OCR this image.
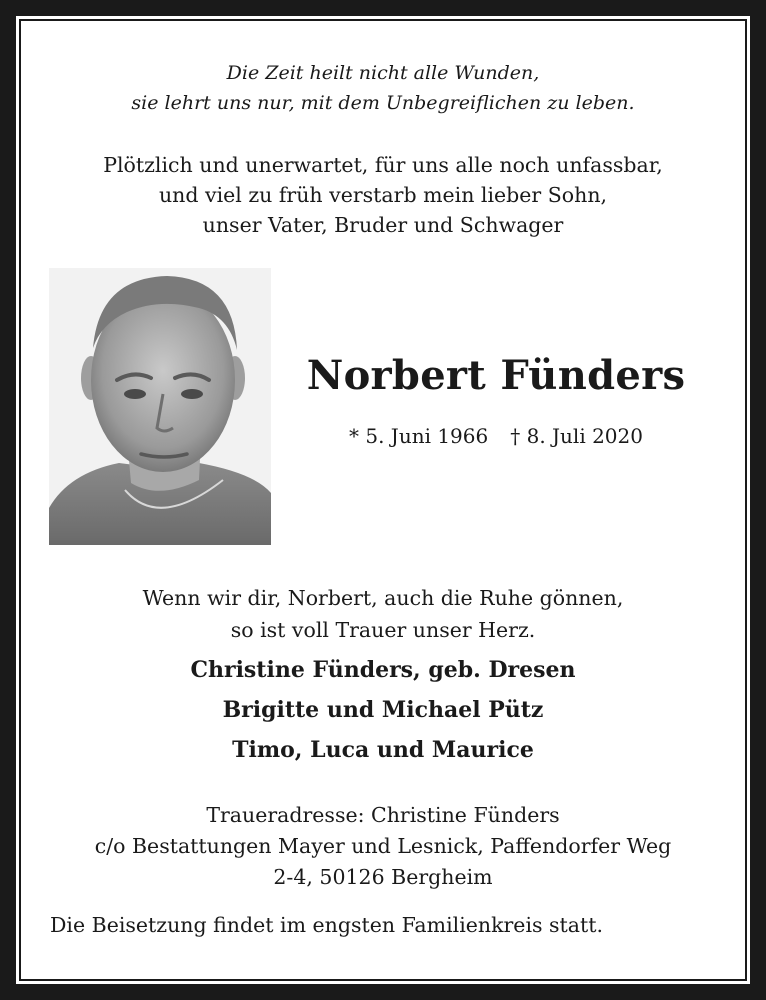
Die Zeit heilt nicht alle Wunden,
sie lehrt uns nur, mit dem Unbegreiflichen zu leben.
Plötzlich und unerwartet, für uns alle noch unfassbar,
und viel zu früh verstarb mein lieber Sohn,
unser Vater, Bruder und Schwager
Norbert Fünders
* 5. Juni 1966 † 8. Juli 2020
Wenn wir dir, Norbert, auch die Ruhe gönnen,
so ist voll Trauer unser Herz.
Christine Fünders, geb. Dresen
Brigitte und Michael Pütz
Timo, Luca und Maurice
Traueradresse: Christine Fünders
c/o Bestattungen Mayer und Lesnick, Paffendorfer Weg
2-4, 50126 Bergheim
Die Beisetzung findet im engsten Familienkreis statt.
